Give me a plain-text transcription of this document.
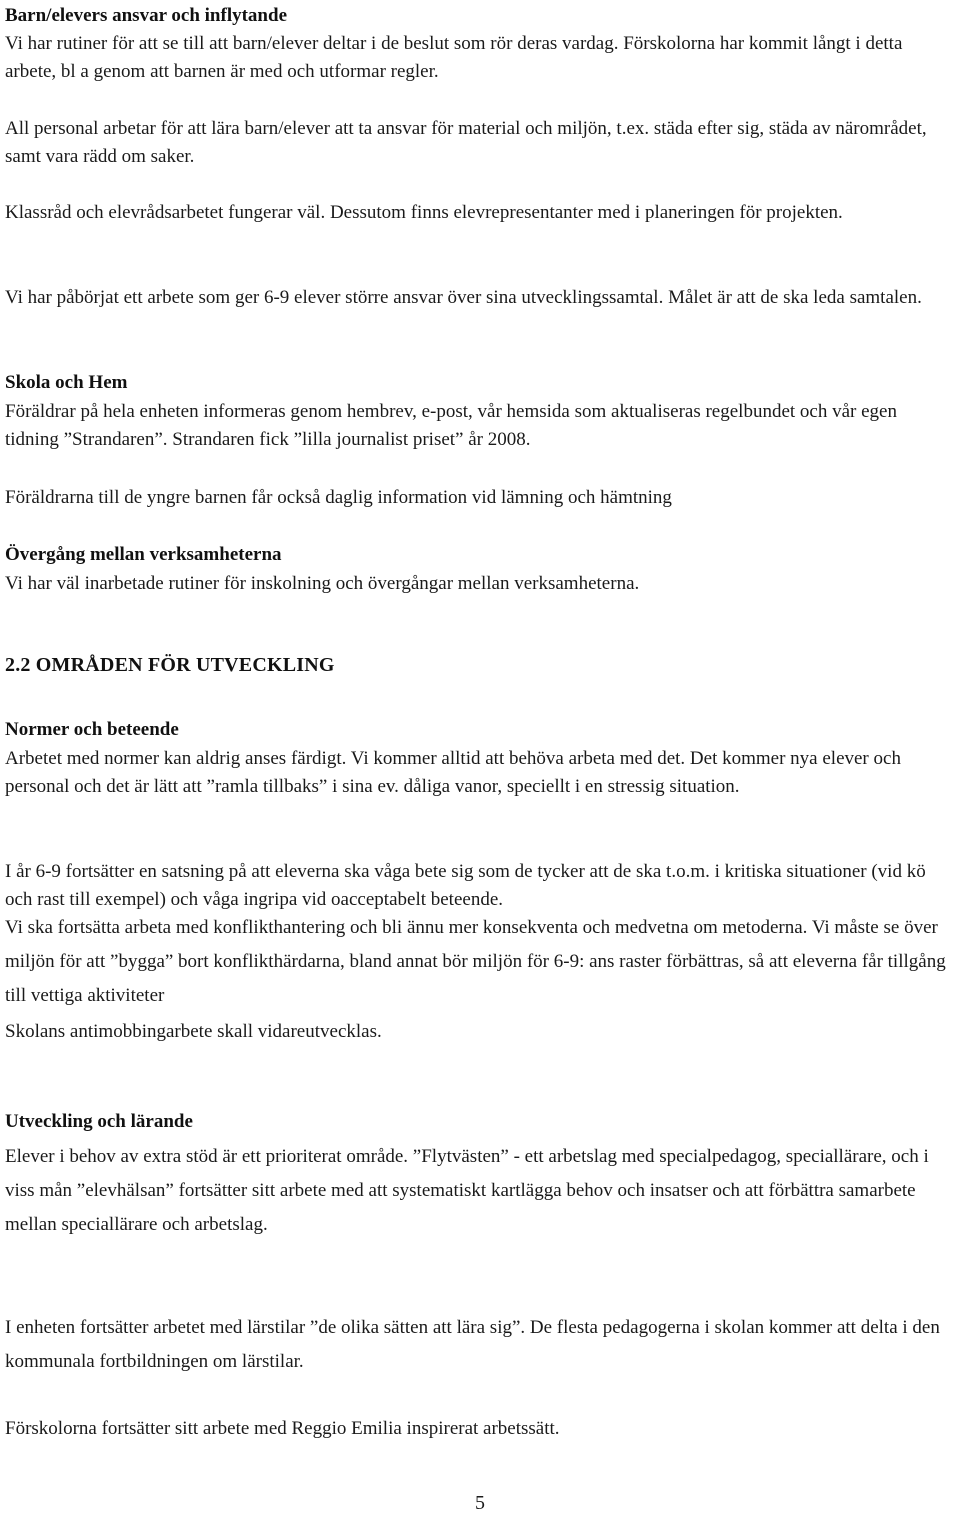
Barn/elevers ansvar och inflytande

Vi har rutiner för att se till att barn/elever deltar i de beslut som rör deras vardag. Förskolorna har kommit långt i detta arbete, bl a genom att barnen är med och utformar regler.

All personal arbetar för att lära barn/elever att ta ansvar för material och miljön, t.ex. städa efter sig, städa av närområdet, samt vara rädd om saker.

Klassråd och elevrådsarbetet fungerar väl. Dessutom finns elevrepresentanter med i planeringen för projekten.

Vi har påbörjat ett arbete som ger 6-9 elever större ansvar över sina utvecklingssamtal. Målet är att de ska leda samtalen.

Skola och Hem

Föräldrar på hela enheten informeras genom hembrev, e-post, vår hemsida som aktualiseras regelbundet och vår egen tidning ”Strandaren”. Strandaren fick ”lilla journalist priset” år 2008.

Föräldrarna till de yngre barnen får också daglig information vid lämning och hämtning

Övergång mellan verksamheterna

Vi har väl inarbetade rutiner för inskolning och övergångar mellan verksamheterna.

2.2 OMRÅDEN FÖR UTVECKLING

Normer och beteende

Arbetet med normer kan aldrig anses färdigt. Vi kommer alltid att behöva arbeta med det. Det kommer nya elever och personal och det är lätt att ”ramla tillbaks” i sina ev. dåliga vanor, speciellt i en stressig situation.

I år 6-9 fortsätter en satsning på att eleverna ska våga bete sig som de tycker att de ska t.o.m. i kritiska situationer (vid kö och rast till exempel) och våga ingripa vid oacceptabelt beteende.

Vi ska fortsätta arbeta med konflikthantering och bli ännu mer konsekventa och medvetna om metoderna. Vi måste se över miljön för att ”bygga” bort konflikthärdarna, bland annat bör miljön för 6-9: ans raster förbättras, så att eleverna får tillgång till vettiga aktiviteter

Skolans antimobbingarbete skall vidareutvecklas.

Utveckling och lärande

Elever i behov av extra stöd är ett prioriterat område. ”Flytvästen” - ett arbetslag med specialpedagog, speciallärare, och i viss mån ”elevhälsan” fortsätter sitt arbete med att systematiskt kartlägga behov och insatser och att förbättra samarbete mellan speciallärare och arbetslag.

I enheten fortsätter arbetet med lärstilar ”de olika sätten att lära sig”. De flesta pedagogerna i skolan kommer att delta i den kommunala fortbildningen om lärstilar.

Förskolorna fortsätter sitt arbete med Reggio Emilia inspirerat arbetssätt.

5
